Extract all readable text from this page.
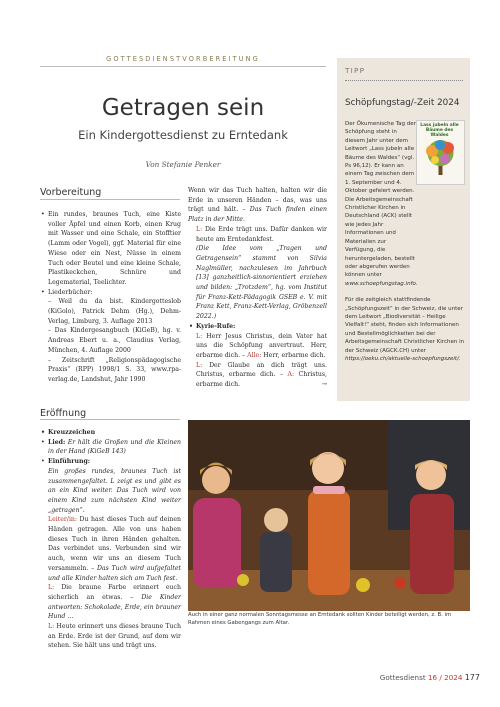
GOTTESDIENSTVORBEREITUNG
Getragen sein
Ein Kindergottesdienst zu Erntedank
Von Stefanie Penker
Vorbereitung
• Ein rundes, braunes Tuch, eine Kiste voller Äpfel und einen Korb, einen Krug mit Wasser und eine Schale, ein Stofftier (Lamm oder Vogel), ggf. Material für eine Wiese oder ein Nest, Nüsse in einem Tuch oder Beutel und eine kleine Schale, Plastikeckchen, Schnüre und Legematerial, Teelichter.
• Liederbücher:

– Weil du da bist. Kindergotteslob (KiGolo), Patrick Dehm (Hg.), Dehm-Verlag, Limburg, 3. Auflage 2013

– Das Kindergesangbuch (KiGeB), hg. v. Andreas Ebert u. a., Claudius Verlag, München, 4. Auflage 2000

– Zeitschrift „Religionspädagogische Praxis“ (RPP) 1998/1 S. 33, www.rpa-verlag.de, Landshut, Jahr 1990

Wenn wir das Tuch halten, halten wir die Erde in unseren Händen – das, was uns trägt und hält. – Das Tuch finden einen Platz in der Mitte.

L: Die Erde trägt uns. Dafür danken wir heute am Erntedankfest.

(Die Idee vom „Tragen und Getragensein“ stammt von Silvia Naglmüller, nachzulesen im Jahrbuch [13] ganzheitlich-sinnorientiert erziehen und bilden: „Trotzdem“, hg. vom Institut für Franz-Kett-Pädagogik GSEB e. V. mit Franz Kett, Franz-Kett-Verlag, Gröbenzell 2022.)

• Kyrie-Rufe:

L: Herr Jesus Christus, dein Vater hat uns die Schöpfung anvertraut. Herr, erbarme dich. – Alle: Herr, erbarme dich.

L: Der Glaube an dich trägt uns. Christus, erbarme dich. – A: Christus, erbarme dich.	→

Eröffnung
• Kreuzzeichen
• Lied: Er hält die Großen und die Kleinen in der Hand (KiGeB 143)
• Einführung:

Ein großes rundes, braunes Tuch ist zusammengefaltet. L zeigt es und gibt es an ein Kind weiter. Das Tuch wird von einem Kind zum nächsten Kind weiter „getragen“.

Leiter/in: Du hast dieses Tuch auf deinen Händen getragen. Alle von uns haben dieses Tuch in ihren Händen gehalten. Das verbindet uns. Verbunden sind wir auch, wenn wir uns an diesem Tuch versammeln. – Das Tuch wird aufgefaltet und alle Kinder halten sich am Tuch fest.

L: Die braune Farbe erinnert euch sicherlich an etwas. – Die Kinder antworten: Schokolade, Erde, ein brauner Hund …

L: Heute erinnert uns dieses braune Tuch an Erde. Erde ist der Grund, auf dem wir stehen. Sie hält uns und trägt uns.

TIPP
Schöpfungstag/-Zeit 2024
Lass jubeln alle Bäume des Waldes

Der Ökumenische Tag der Schöpfung steht in diesem Jahr unter dem Leitwort „Lass jubeln alle Bäume des Waldes“ (vgl. Ps 96,12). Er kann an einem Tag zwischen dem 1. September und 4. Oktober gefeiert werden. Die Arbeitsgemeinschaft Christlicher Kirchen in Deutschland (ACK) stellt wie jedes Jahr Informationen und Materialien zur Verfügung, die heruntergeladen, bestellt oder abgerufen werden können unter www.schoepfungstag.info.

Für die zeitgleich stattfindende „Schöpfungszeit“ in der Schweiz, die unter dem Leitwort „Biodiversität – Heilige Vielfalt!“ steht, finden sich Informationen und Bestellmöglichkeiten bei der Arbeitsgemeinschaft Christlicher Kirchen in der Schweiz (AGCK.CH) unter https://oeku.ch/aktuelle-schoepfungszeit/.

Auch in einer ganz normalen Sonntagsmesse an Erntedank sollten Kinder beteiligt werden, z. B. im Rahmen eines Gabengangs zum Altar.
Gottesdienst 16 / 2024 177
